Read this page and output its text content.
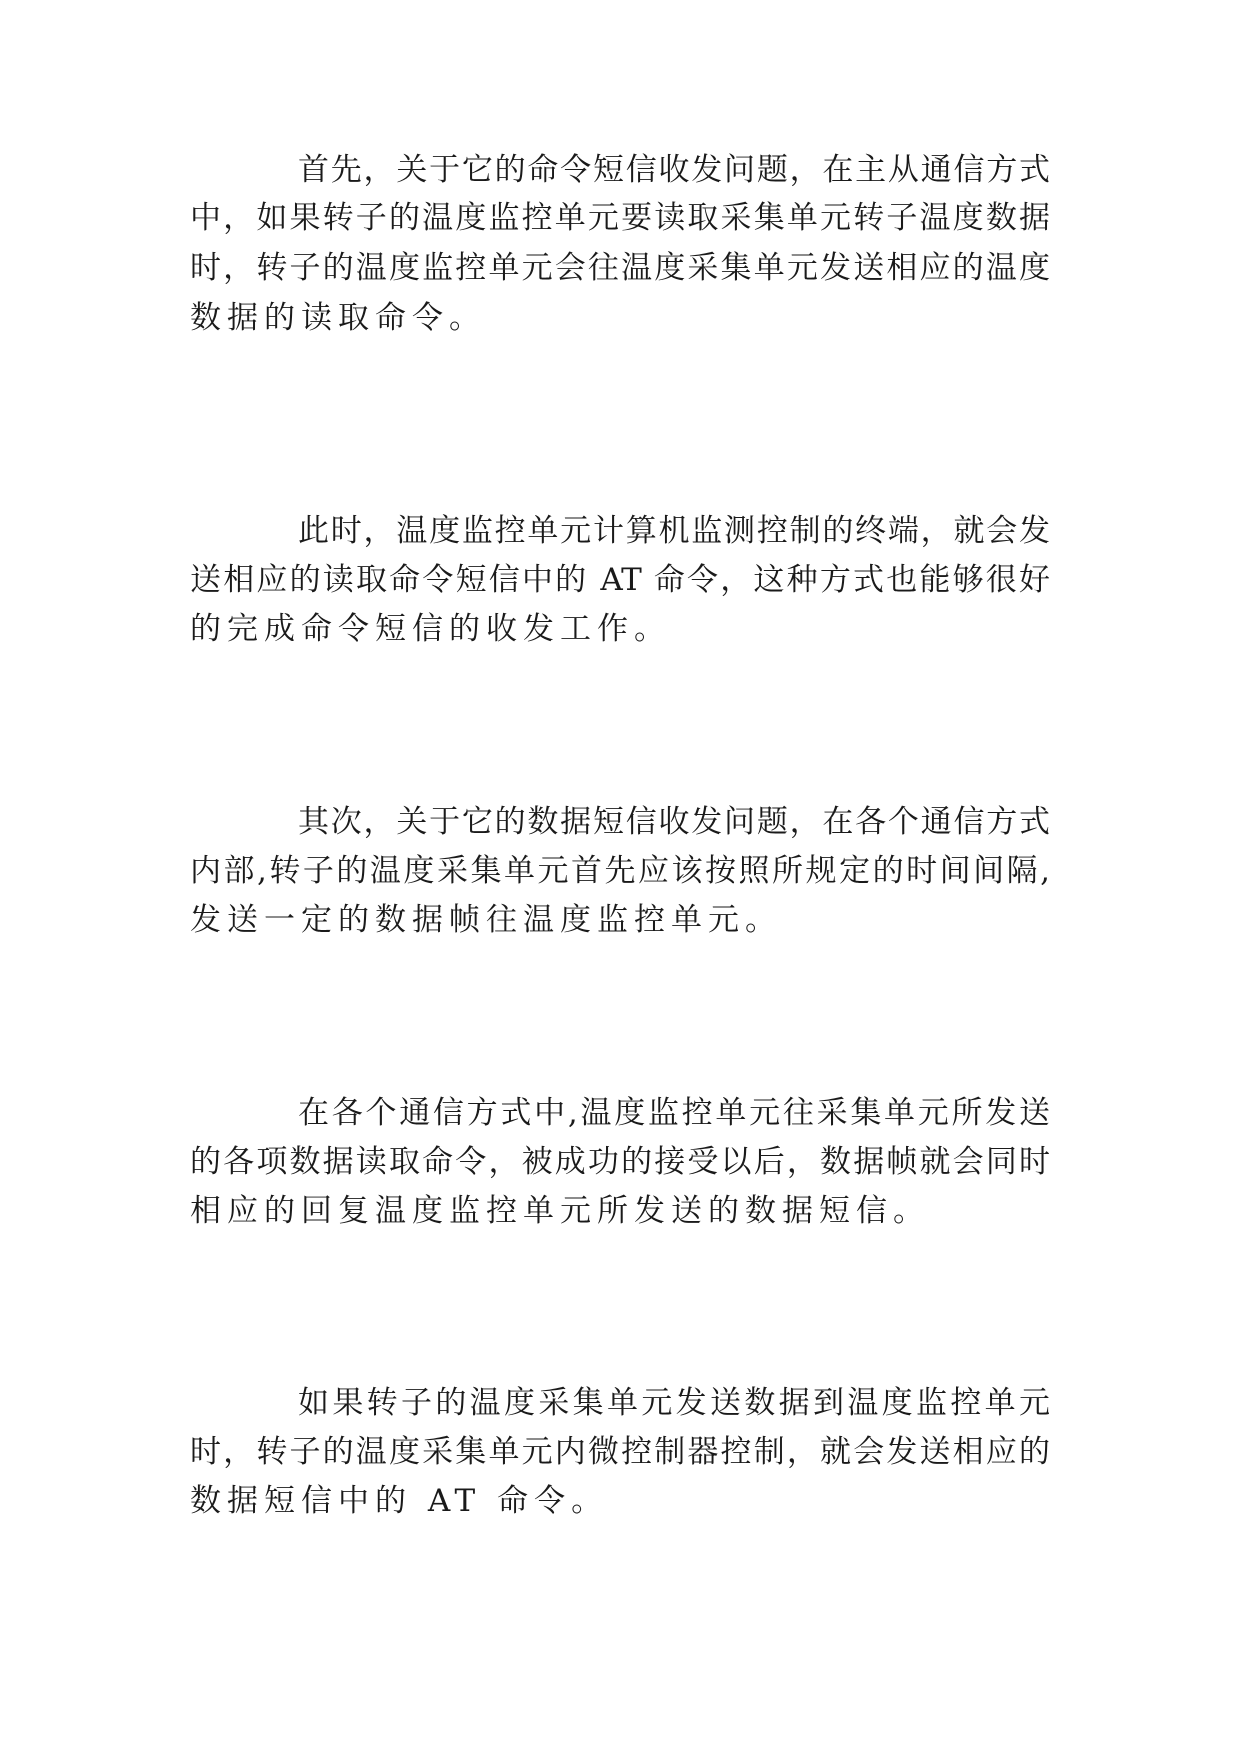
首先，关于它的命令短信收发问题，在主从通信方式
中，如果转子的温度监控单元要读取采集单元转子温度数据
时，转子的温度监控单元会往温度采集单元发送相应的温度
数据的读取命令。
此时，温度监控单元计算机监测控制的终端，就会发
送相应的读取命令短信中的 AT 命令，这种方式也能够很好
的完成命令短信的收发工作。
其次，关于它的数据短信收发问题，在各个通信方式
内部,转子的温度采集单元首先应该按照所规定的时间间隔,
发送一定的数据帧往温度监控单元。
在各个通信方式中,温度监控单元往采集单元所发送
的各项数据读取命令，被成功的接受以后，数据帧就会同时
相应的回复温度监控单元所发送的数据短信。
如果转子的温度采集单元发送数据到温度监控单元
时，转子的温度采集单元内微控制器控制，就会发送相应的
数据短信中的 AT 命令。
